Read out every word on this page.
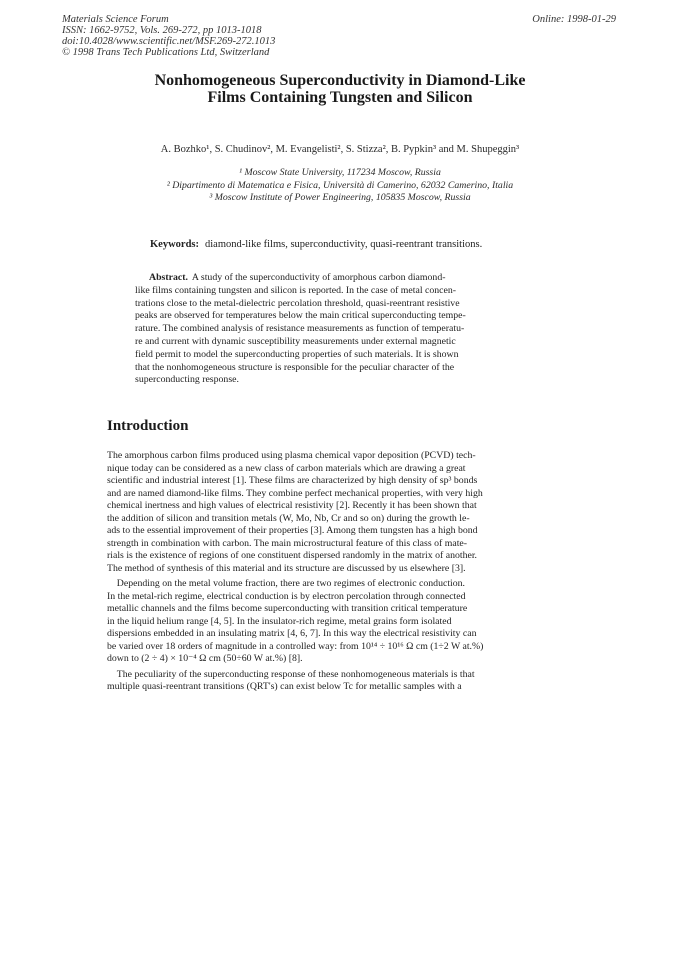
Materials Science Forum
ISSN: 1662-9752, Vols. 269-272, pp 1013-1018
doi:10.4028/www.scientific.net/MSF.269-272.1013
© 1998 Trans Tech Publications Ltd, Switzerland
Online: 1998-01-29
Nonhomogeneous Superconductivity in Diamond-Like
Films Containing Tungsten and Silicon
A. Bozhko¹, S. Chudinov², M. Evangelisti², S. Stizza², B. Pypkin³ and M. Shupeggin³
¹ Moscow State University, 117234 Moscow, Russia
² Dipartimento di Matematica e Fisica, Università di Camerino, 62032 Camerino, Italia
³ Moscow Institute of Power Engineering, 105835 Moscow, Russia
Keywords: diamond-like films, superconductivity, quasi-reentrant transitions.
Abstract. A study of the superconductivity of amorphous carbon diamond-
like films containing tungsten and silicon is reported. In the case of metal concen-
trations close to the metal-dielectric percolation threshold, quasi-reentrant resistive
peaks are observed for temperatures below the main critical superconducting tempe-
rature. The combined analysis of resistance measurements as function of temperatu-
re and current with dynamic susceptibility measurements under external magnetic
field permit to model the superconducting properties of such materials. It is shown
that the nonhomogeneous structure is responsible for the peculiar character of the
superconducting response.
Introduction
The amorphous carbon films produced using plasma chemical vapor deposition (PCVD) tech-
nique today can be considered as a new class of carbon materials which are drawing a great
scientific and industrial interest [1]. These films are characterized by high density of sp³ bonds
and are named diamond-like films. They combine perfect mechanical properties, with very high
chemical inertness and high values of electrical resistivity [2]. Recently it has been shown that
the addition of silicon and transition metals (W, Mo, Nb, Cr and so on) during the growth le-
ads to the essential improvement of their properties [3]. Among them tungsten has a high bond
strength in combination with carbon. The main microstructural feature of this class of mate-
rials is the existence of regions of one constituent dispersed randomly in the matrix of another.
The method of synthesis of this material and its structure are discussed by us elsewhere [3].
Depending on the metal volume fraction, there are two regimes of electronic conduction.
In the metal-rich regime, electrical conduction is by electron percolation through connected
metallic channels and the films become superconducting with transition critical temperature
in the liquid helium range [4, 5]. In the insulator-rich regime, metal grains form isolated
dispersions embedded in an insulating matrix [4, 6, 7]. In this way the electrical resistivity can
be varied over 18 orders of magnitude in a controlled way: from 10¹⁴ ÷ 10¹⁶ Ω cm (1÷2 W at.%)
down to (2 ÷ 4) × 10⁻⁴ Ω cm (50÷60 W at.%) [8].
The peculiarity of the superconducting response of these nonhomogeneous materials is that
multiple quasi-reentrant transitions (QRT's) can exist below Tc for metallic samples with a
